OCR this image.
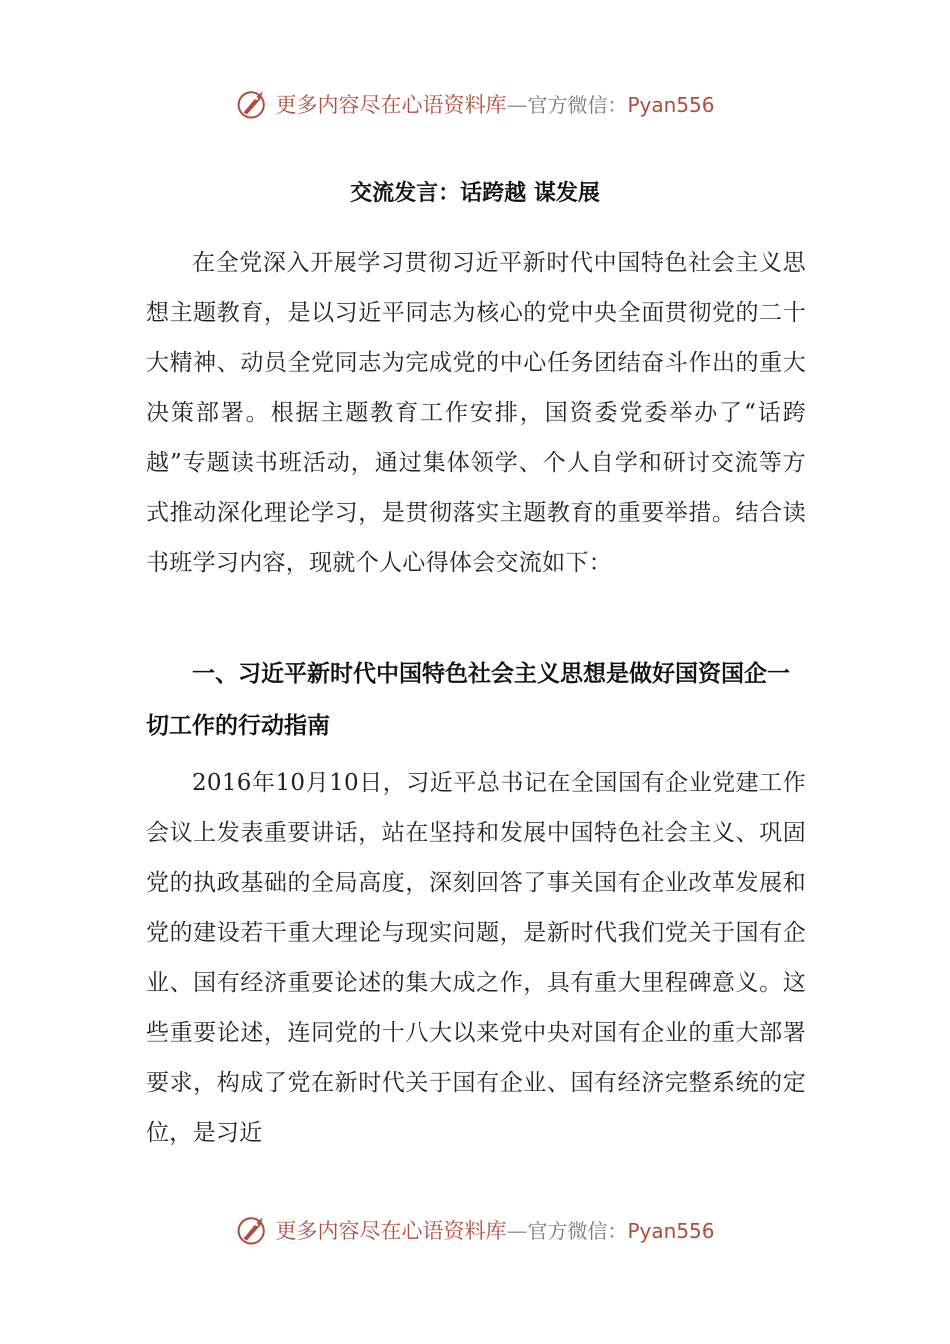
更多内容尽在心语资料库 — 官方微信： Pyan556
交流发言：话跨越 谋发展

在全党深入开展学习贯彻习近平新时代中国特色社会主义思想主题教育，是以习近平同志为核心的党中央全面贯彻党的二十大精神、动员全党同志为完成党的中心任务团结奋斗作出的重大决策部署。根据主题教育工作安排，国资委党委举办了“话跨越”专题读书班活动，通过集体领学、个人自学和研讨交流等方式推动深化理论学习，是贯彻落实主题教育的重要举措。结合读书班学习内容，现就个人心得体会交流如下：

一、习近平新时代中国特色社会主义思想是做好国资国企一切工作的行动指南

2016年10月10日，习近平总书记在全国国有企业党建工作会议上发表重要讲话，站在坚持和发展中国特色社会主义、巩固党的执政基础的全局高度，深刻回答了事关国有企业改革发展和党的建设若干重大理论与现实问题，是新时代我们党关于国有企业、国有经济重要论述的集大成之作，具有重大里程碑意义。这些重要论述，连同党的十八大以来党中央对国有企业的重大部署要求，构成了党在新时代关于国有企业、国有经济完整系统的定位，是习近

更多内容尽在心语资料库 — 官方微信： Pyan556
